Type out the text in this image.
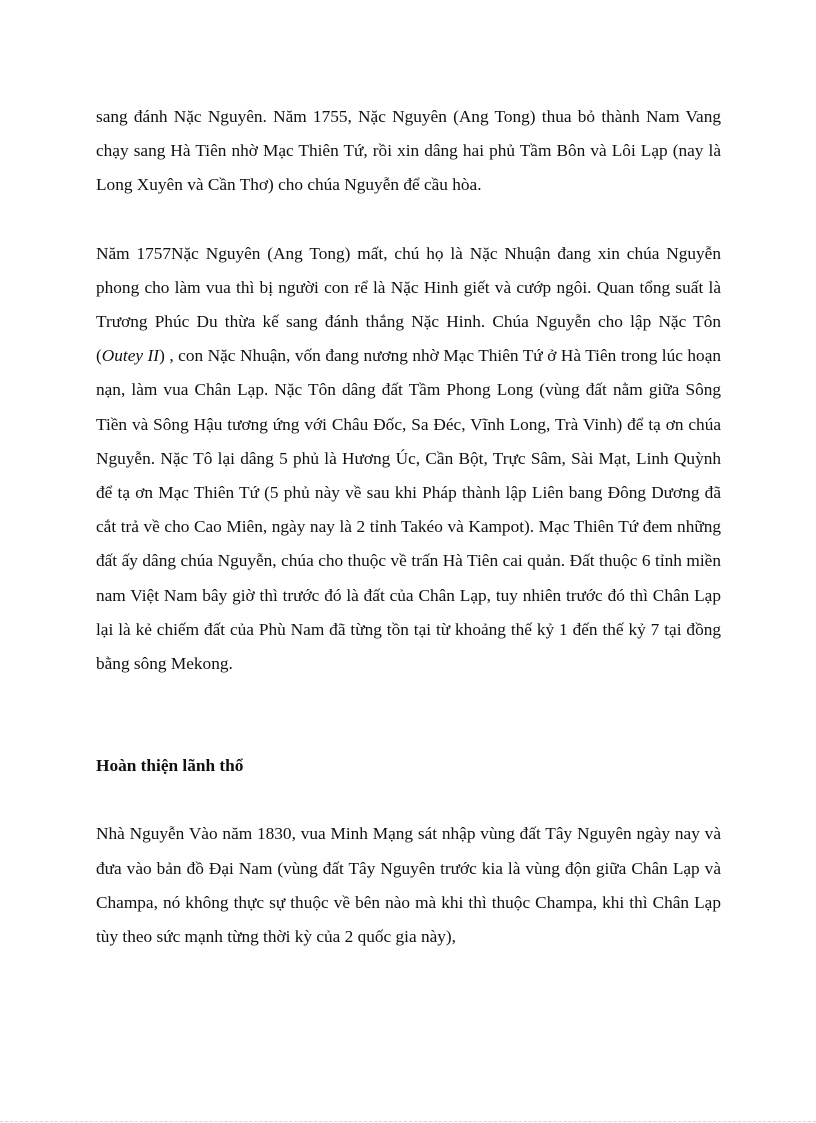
sang đánh Nặc Nguyên. Năm 1755, Nặc Nguyên (Ang Tong) thua bỏ thành Nam Vang chạy sang Hà Tiên nhờ Mạc Thiên Tứ, rồi xin dâng hai phủ Tầm Bôn và Lôi Lạp (nay là Long Xuyên và Cần Thơ) cho chúa Nguyễn để cầu hòa.

Năm 1757Nặc Nguyên (Ang Tong) mất, chú họ là Nặc Nhuận đang xin chúa Nguyễn phong cho làm vua thì bị người con rể là Nặc Hinh giết và cướp ngôi. Quan tổng suất là Trương Phúc Du thừa kế sang đánh thắng Nặc Hinh. Chúa Nguyễn cho lập Nặc Tôn (Outey II) , con Nặc Nhuận, vốn đang nương nhờ Mạc Thiên Tứ ở Hà Tiên trong lúc hoạn nạn, làm vua Chân Lạp. Nặc Tôn dâng đất Tầm Phong Long (vùng đất nằm giữa Sông Tiền và Sông Hậu tương ứng với Châu Đốc, Sa Đéc, Vĩnh Long, Trà Vinh) để tạ ơn chúa Nguyễn. Nặc Tô lại dâng 5 phủ là Hương Úc, Cần Bột, Trực Sâm, Sài Mạt, Linh Quỳnh để tạ ơn Mạc Thiên Tứ (5 phủ này về sau khi Pháp thành lập Liên bang Đông Dương đã cắt trả về cho Cao Miên, ngày nay là 2 tỉnh Takéo và Kampot). Mạc Thiên Tứ đem những đất ấy dâng chúa Nguyễn, chúa cho thuộc về trấn Hà Tiên cai quản. Đất thuộc 6 tỉnh miền nam Việt Nam bây giờ thì trước đó là đất của Chân Lạp, tuy nhiên trước đó thì Chân Lạp lại là kẻ chiếm đất của Phù Nam đã từng tồn tại từ khoảng thế kỷ 1 đến thế kỷ 7 tại đồng bằng sông Mekong.

Hoàn thiện lãnh thổ

Nhà Nguyễn Vào năm 1830, vua Minh Mạng sát nhập vùng đất Tây Nguyên ngày nay và đưa vào bản đồ Đại Nam (vùng đất Tây Nguyên trước kia là vùng độn giữa Chân Lạp và Champa, nó không thực sự thuộc về bên nào mà khi thì thuộc Champa, khi thì Chân Lạp tùy theo sức mạnh từng thời kỳ của 2 quốc gia này),
